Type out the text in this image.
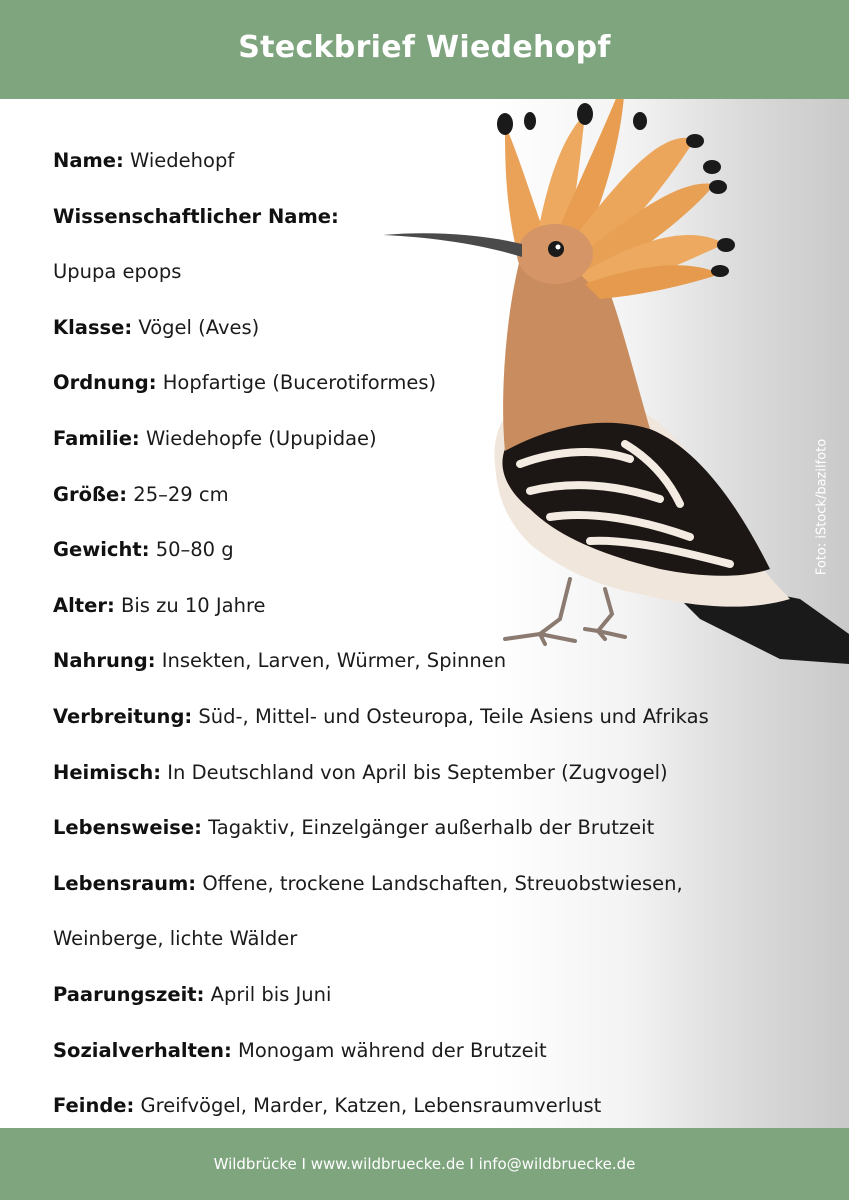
Steckbrief Wiedehopf
Foto: iStock/bazilfoto
Name: Wiedehopf
Wissenschaftlicher Name:
Upupa epops
Klasse: Vögel (Aves)
Ordnung: Hopfartige (Bucerotiformes)
Familie: Wiedehopfe (Upupidae)
Größe: 25–29 cm
Gewicht: 50–80 g
Alter: Bis zu 10 Jahre
Nahrung: Insekten, Larven, Würmer, Spinnen
Verbreitung: Süd-, Mittel- und Osteuropa, Teile Asiens und Afrikas
Heimisch: In Deutschland von April bis September (Zugvogel)
Lebensweise: Tagaktiv, Einzelgänger außerhalb der Brutzeit
Lebensraum: Offene, trockene Landschaften, Streuobstwiesen,
Weinberge, lichte Wälder
Paarungszeit: April bis Juni
Sozialverhalten: Monogam während der Brutzeit
Feinde: Greifvögel, Marder, Katzen, Lebensraumverlust
Wildbrücke I www.wildbruecke.de I info@wildbruecke.de
